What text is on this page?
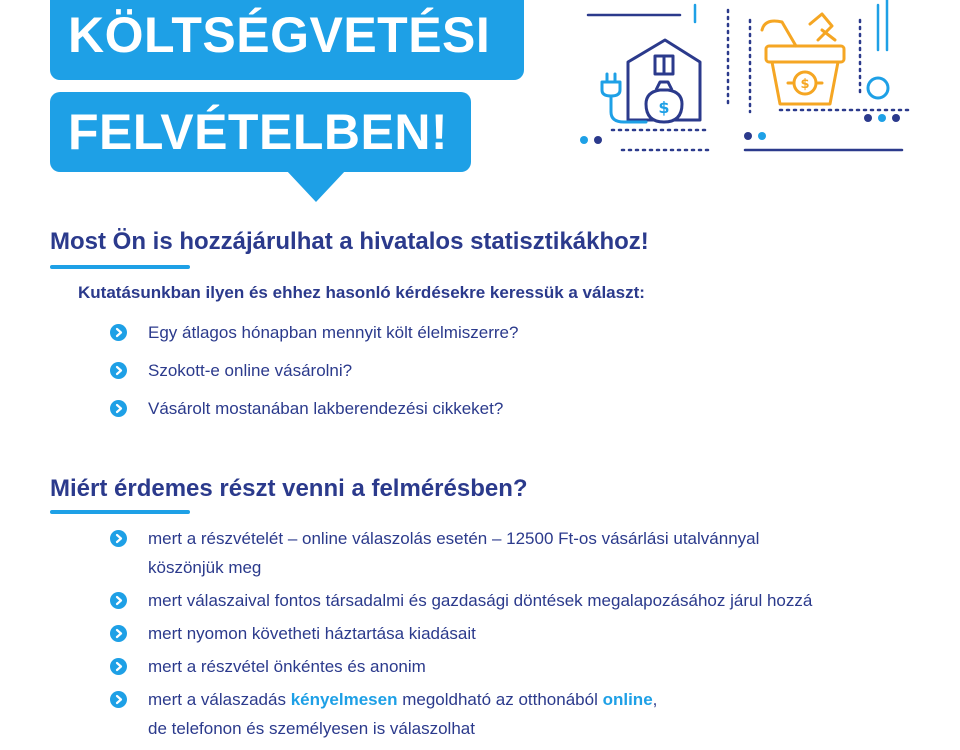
KÖLTSÉGVETÉSI
FELVÉTELBEN!	$
$
Most Ön is hozzájárulhat a hivatalos statisztikákhoz!
Kutatásunkban ilyen és ehhez hasonló kérdésekre keressük a választ:
Egy átlagos hónapban mennyit költ élelmiszerre?
Szokott-e online vásárolni?
Vásárolt mostanában lakberendezési cikkeket?
Miért érdemes részt venni a felmérésben?
mert a részvételét – online válaszolás esetén – 12500 Ft-os vásárlási utalvánnyal
köszönjük meg
mert válaszaival fontos társadalmi és gazdasági döntések megalapozásához járul hozzá
mert nyomon követheti háztartása kiadásait
mert a részvétel önkéntes és anonim
mert a válaszadás kényelmesen megoldható az otthonából online,
de telefonon és személyesen is válaszolhat
